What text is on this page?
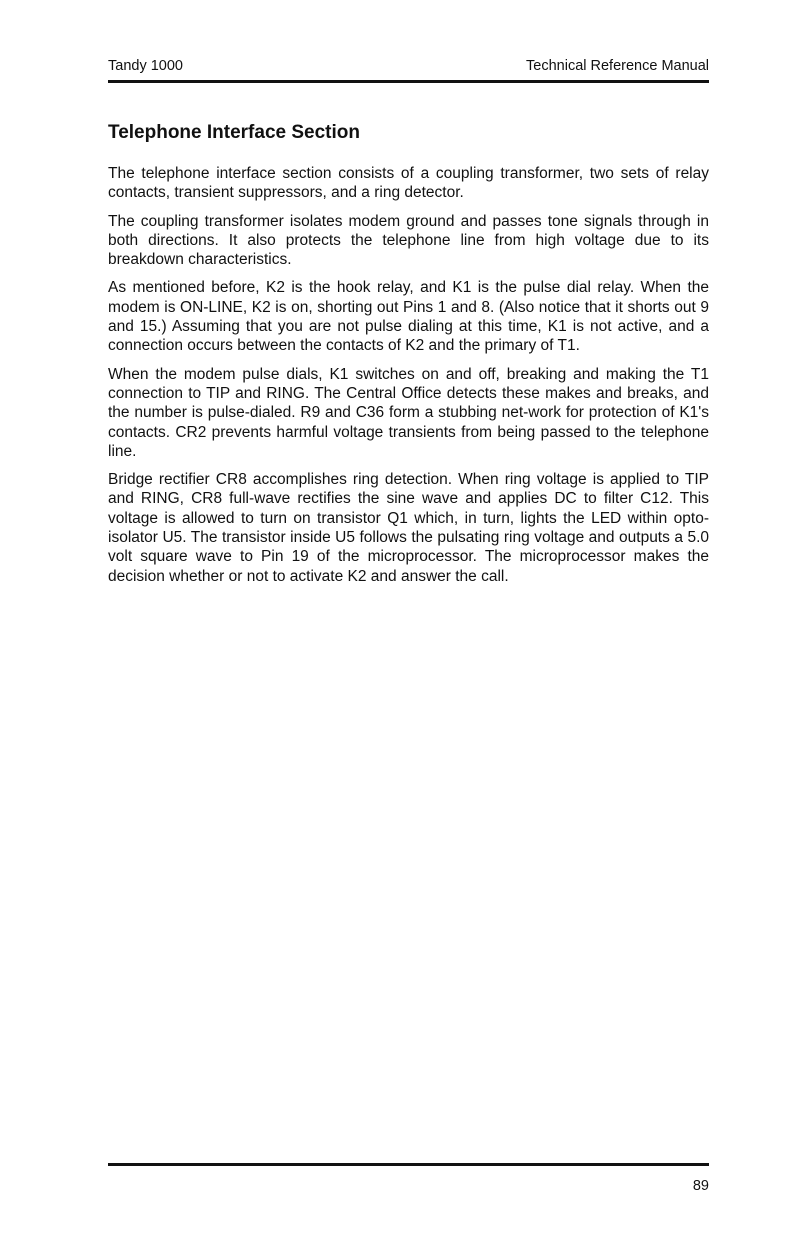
Tandy 1000	Technical Reference Manual
Telephone Interface Section

The telephone interface section consists of a coupling transformer, two sets of relay contacts, transient suppressors, and a ring detector.

The coupling transformer isolates modem ground and passes tone signals through in both directions. It also protects the telephone line from high voltage due to its breakdown characteristics.

As mentioned before, K2 is the hook relay, and K1 is the pulse dial relay. When the modem is ON-LINE, K2 is on, shorting out Pins 1 and 8. (Also notice that it shorts out 9 and 15.) Assuming that you are not pulse dialing at this time, K1 is not active, and a connection occurs between the contacts of K2 and the primary of T1.

When the modem pulse dials, K1 switches on and off, breaking and making the T1 connection to TIP and RING. The Central Office detects these makes and breaks, and the number is pulse-dialed. R9 and C36 form a stubbing net-work for protection of K1's contacts. CR2 prevents harmful voltage transients from being passed to the telephone line.

Bridge rectifier CR8 accomplishes ring detection. When ring voltage is applied to TIP and RING, CR8 full-wave rectifies the sine wave and applies DC to filter C12. This voltage is allowed to turn on transistor Q1 which, in turn, lights the LED within opto-isolator U5. The transistor inside U5 follows the pulsating ring voltage and outputs a 5.0 volt square wave to Pin 19 of the microprocessor. The microprocessor makes the decision whether or not to activate K2 and answer the call.

89
